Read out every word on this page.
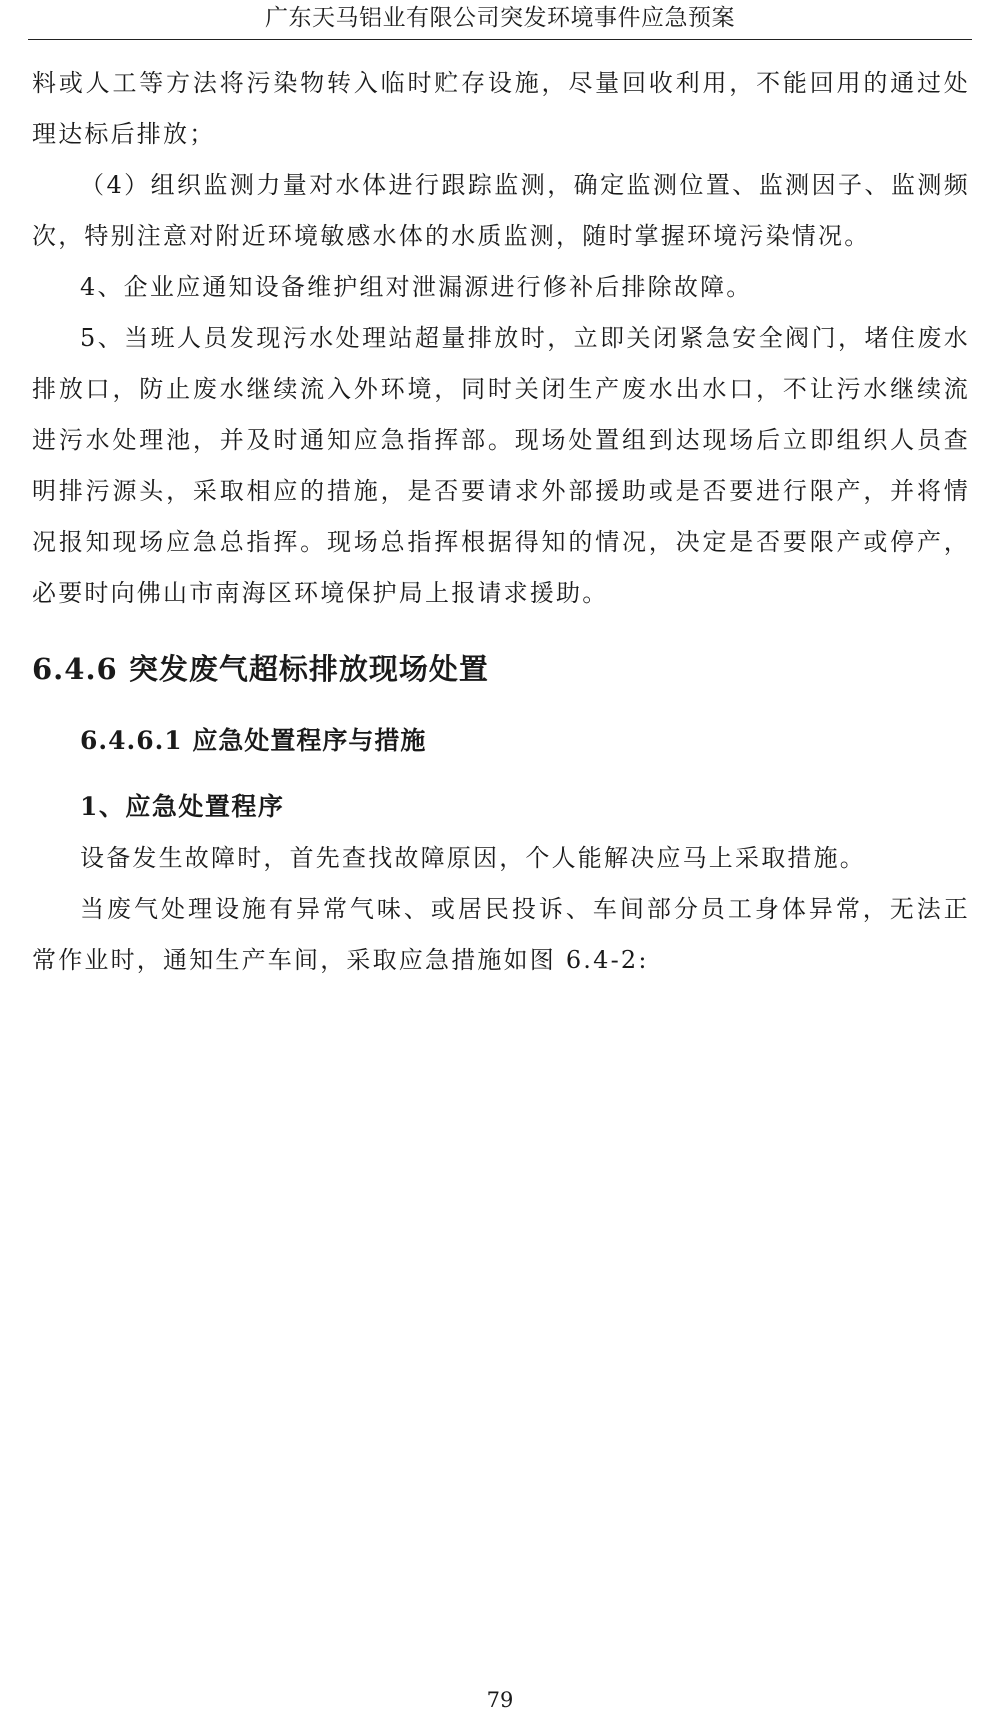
广东天马铝业有限公司突发环境事件应急预案

料或人工等方法将污染物转入临时贮存设施，尽量回收利用，不能回用的通过处理达标后排放；

（4）组织监测力量对水体进行跟踪监测，确定监测位置、监测因子、监测频次，特别注意对附近环境敏感水体的水质监测，随时掌握环境污染情况。

4、企业应通知设备维护组对泄漏源进行修补后排除故障。

5、当班人员发现污水处理站超量排放时，立即关闭紧急安全阀门，堵住废水排放口，防止废水继续流入外环境，同时关闭生产废水出水口，不让污水继续流进污水处理池，并及时通知应急指挥部。现场处置组到达现场后立即组织人员查明排污源头，采取相应的措施，是否要请求外部援助或是否要进行限产，并将情况报知现场应急总指挥。现场总指挥根据得知的情况，决定是否要限产或停产，必要时向佛山市南海区环境保护局上报请求援助。

6.4.6 突发废气超标排放现场处置
6.4.6.1 应急处置程序与措施
1、应急处置程序

设备发生故障时，首先查找故障原因，个人能解决应马上采取措施。

当废气处理设施有异常气味、或居民投诉、车间部分员工身体异常，无法正常作业时，通知生产车间，采取应急措施如图 6.4-2:

79
